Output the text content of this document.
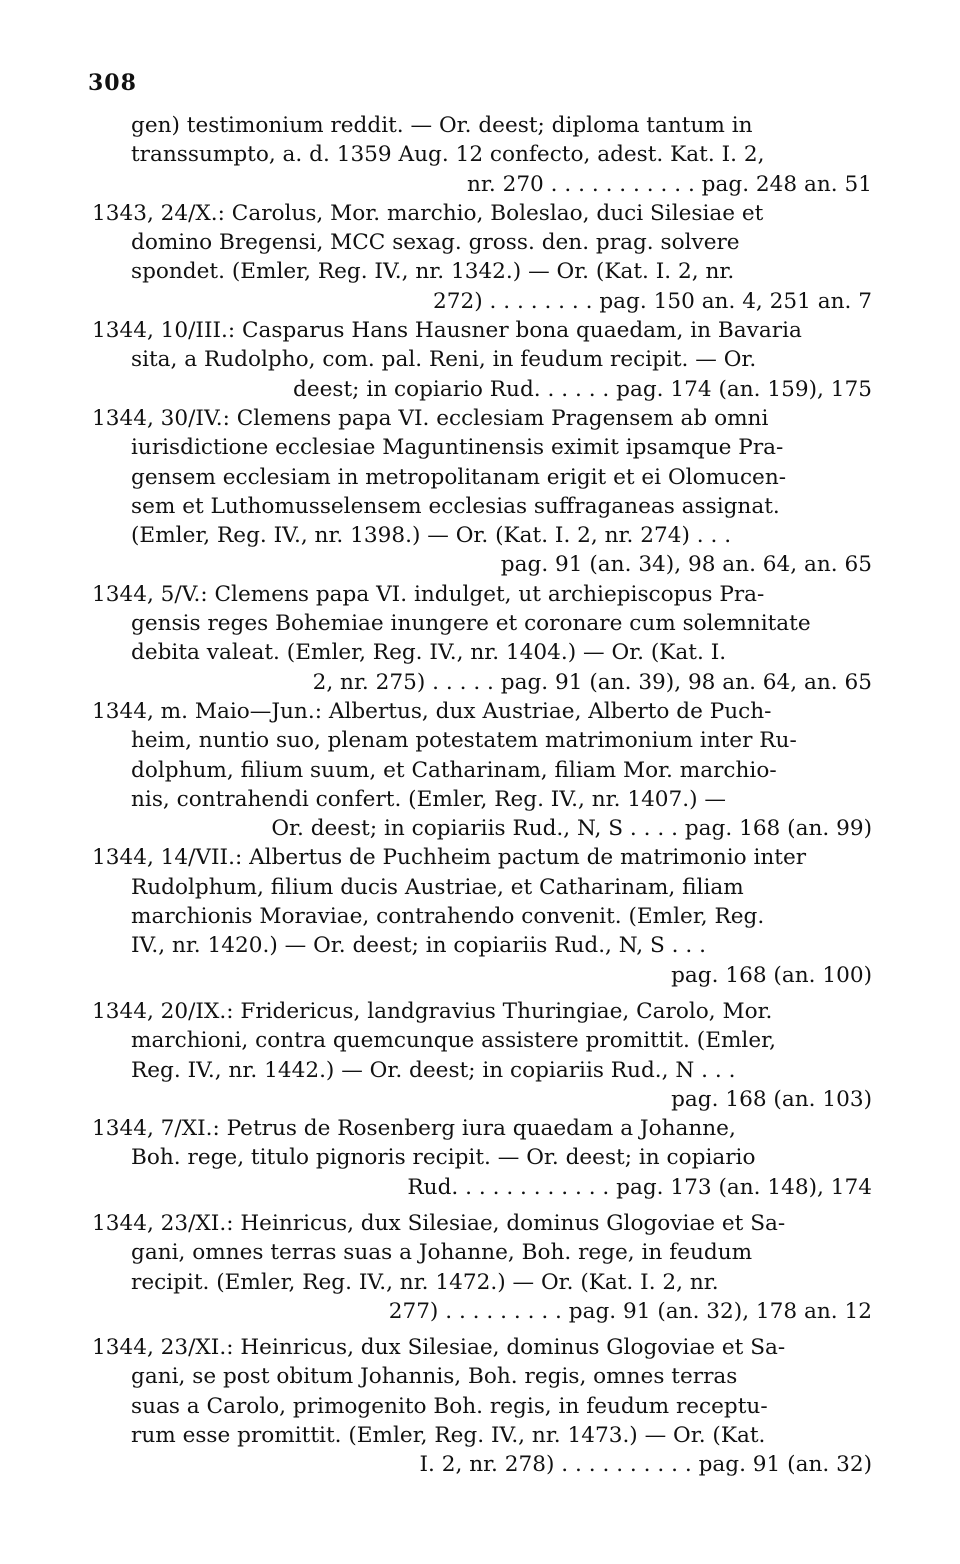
308
gen) testimonium reddit. — Or. deest; diploma tantum in
transsumpto, a. d. 1359 Aug. 12 confecto, adest. Kat. I. 2,
nr. 270 . . . . . . . . . . . pag. 248 an. 51
1343, 24/X.: Carolus, Mor. marchio, Boleslao, duci Silesiae et
domino Bregensi, MCC sexag. gross. den. prag. solvere
spondet. (Emler, Reg. IV., nr. 1342.) — Or. (Kat. I. 2, nr.
272) . . . . . . . . pag. 150 an. 4, 251 an. 7
1344, 10/III.: Casparus Hans Hausner bona quaedam, in Bavaria
sita, a Rudolpho, com. pal. Reni, in feudum recipit. — Or.
deest; in copiario Rud. . . . . . pag. 174 (an. 159), 175
1344, 30/IV.: Clemens papa VI. ecclesiam Pragensem ab omni
iurisdictione ecclesiae Maguntinensis eximit ipsamque Pra-
gensem ecclesiam in metropolitanam erigit et ei Olomucen-
sem et Luthomusselensem ecclesias suffraganeas assignat.
(Emler, Reg. IV., nr. 1398.) — Or. (Kat. I. 2, nr. 274) . . .
pag. 91 (an. 34), 98 an. 64, an. 65
1344, 5/V.: Clemens papa VI. indulget, ut archiepiscopus Pra-
gensis reges Bohemiae inungere et coronare cum solemnitate
debita valeat. (Emler, Reg. IV., nr. 1404.) — Or. (Kat. I.
2, nr. 275) . . . . . pag. 91 (an. 39), 98 an. 64, an. 65
1344, m. Maio—Jun.: Albertus, dux Austriae, Alberto de Puch-
heim, nuntio suo, plenam potestatem matrimonium inter Ru-
dolphum, filium suum, et Catharinam, filiam Mor. marchio-
nis, contrahendi confert. (Emler, Reg. IV., nr. 1407.) —
Or. deest; in copiariis Rud., N, S . . . . pag. 168 (an. 99)
1344, 14/VII.: Albertus de Puchheim pactum de matrimonio inter
Rudolphum, filium ducis Austriae, et Catharinam, filiam
marchionis Moraviae, contrahendo convenit. (Emler, Reg.
IV., nr. 1420.) — Or. deest; in copiariis Rud., N, S . . .
pag. 168 (an. 100)
1344, 20/IX.: Fridericus, landgravius Thuringiae, Carolo, Mor.
marchioni, contra quemcunque assistere promittit. (Emler,
Reg. IV., nr. 1442.) — Or. deest; in copiariis Rud., N . . .
pag. 168 (an. 103)
1344, 7/XI.: Petrus de Rosenberg iura quaedam a Johanne,
Boh. rege, titulo pignoris recipit. — Or. deest; in copiario
Rud. . . . . . . . . . . . pag. 173 (an. 148), 174
1344, 23/XI.: Heinricus, dux Silesiae, dominus Glogoviae et Sa-
gani, omnes terras suas a Johanne, Boh. rege, in feudum
recipit. (Emler, Reg. IV., nr. 1472.) — Or. (Kat. I. 2, nr.
277) . . . . . . . . . pag. 91 (an. 32), 178 an. 12
1344, 23/XI.: Heinricus, dux Silesiae, dominus Glogoviae et Sa-
gani, se post obitum Johannis, Boh. regis, omnes terras
suas a Carolo, primogenito Boh. regis, in feudum receptu-
rum esse promittit. (Emler, Reg. IV., nr. 1473.) — Or. (Kat.
I. 2, nr. 278) . . . . . . . . . . pag. 91 (an. 32)
